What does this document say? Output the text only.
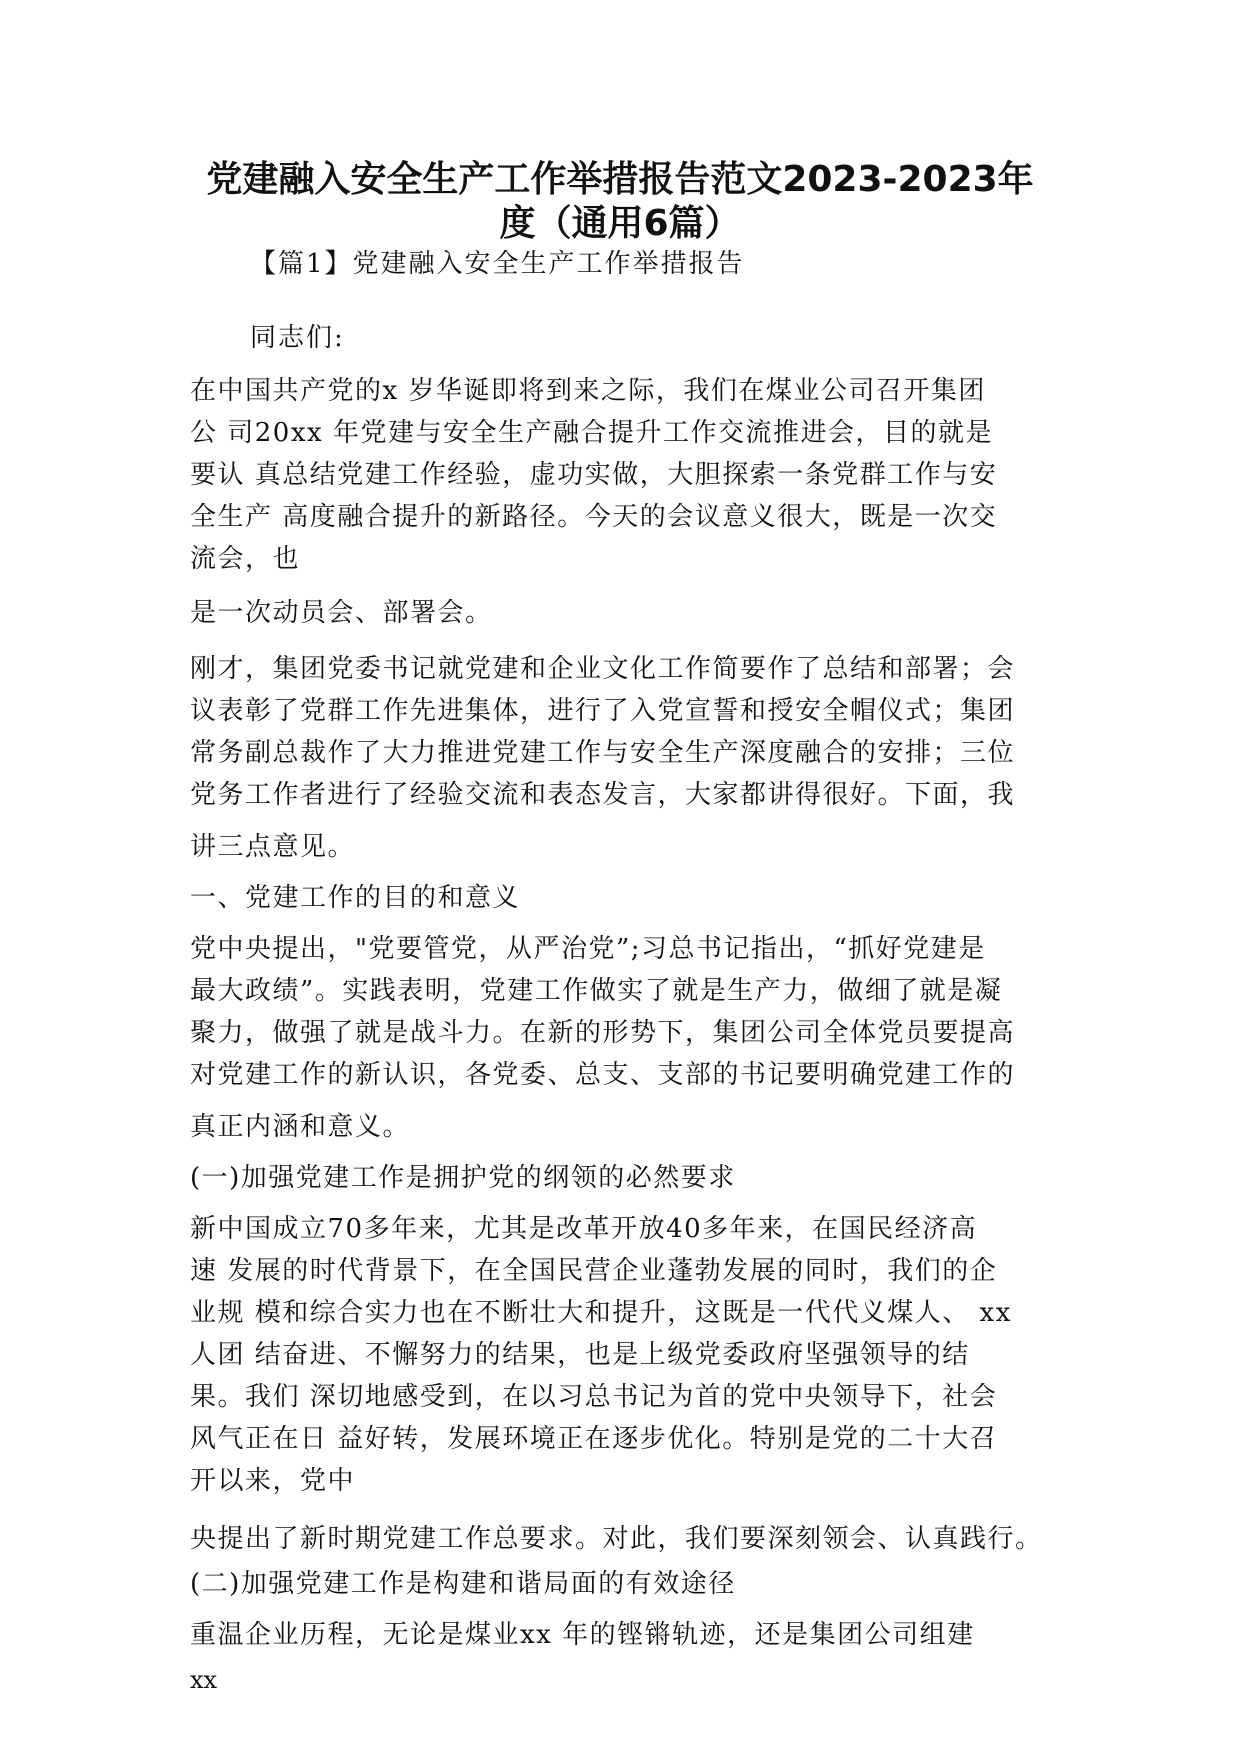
党建融入安全生产工作举措报告范文2023-2023年
度（通用6篇）
【篇1】党建融入安全生产工作举措报告
同志们:
在中国共产党的x 岁华诞即将到来之际，我们在煤业公司召开集团
公 司20xx 年党建与安全生产融合提升工作交流推进会，目的就是
要认 真总结党建工作经验，虚功实做，大胆探索一条党群工作与安
全生产 高度融合提升的新路径。今天的会议意义很大，既是一次交
流会，也
是一次动员会、部署会。
刚才，集团党委书记就党建和企业文化工作简要作了总结和部署；会
议表彰了党群工作先进集体，进行了入党宣誓和授安全帽仪式；集团
常务副总裁作了大力推进党建工作与安全生产深度融合的安排；三位
党务工作者进行了经验交流和表态发言，大家都讲得很好。下面，我
讲三点意见。
一、党建工作的目的和意义
党中央提出，"党要管党，从严治党”;习总书记指出，“抓好党建是
最大政绩”。实践表明，党建工作做实了就是生产力，做细了就是凝
聚力，做强了就是战斗力。在新的形势下，集团公司全体党员要提高
对党建工作的新认识，各党委、总支、支部的书记要明确党建工作的
真正内涵和意义。
(一)加强党建工作是拥护党的纲领的必然要求
新中国成立70多年来，尤其是改革开放40多年来，在国民经济高
速 发展的时代背景下，在全国民营企业蓬勃发展的同时，我们的企
业规 模和综合实力也在不断壮大和提升，这既是一代代义煤人、 xx
人团 结奋进、不懈努力的结果，也是上级党委政府坚强领导的结
果。我们 深切地感受到，在以习总书记为首的党中央领导下，社会
风气正在日 益好转，发展环境正在逐步优化。特别是党的二十大召
开以来，党中
央提出了新时期党建工作总要求。对此，我们要深刻领会、认真践行。
(二)加强党建工作是构建和谐局面的有效途径
重温企业历程，无论是煤业xx 年的铿锵轨迹，还是集团公司组建
xx
